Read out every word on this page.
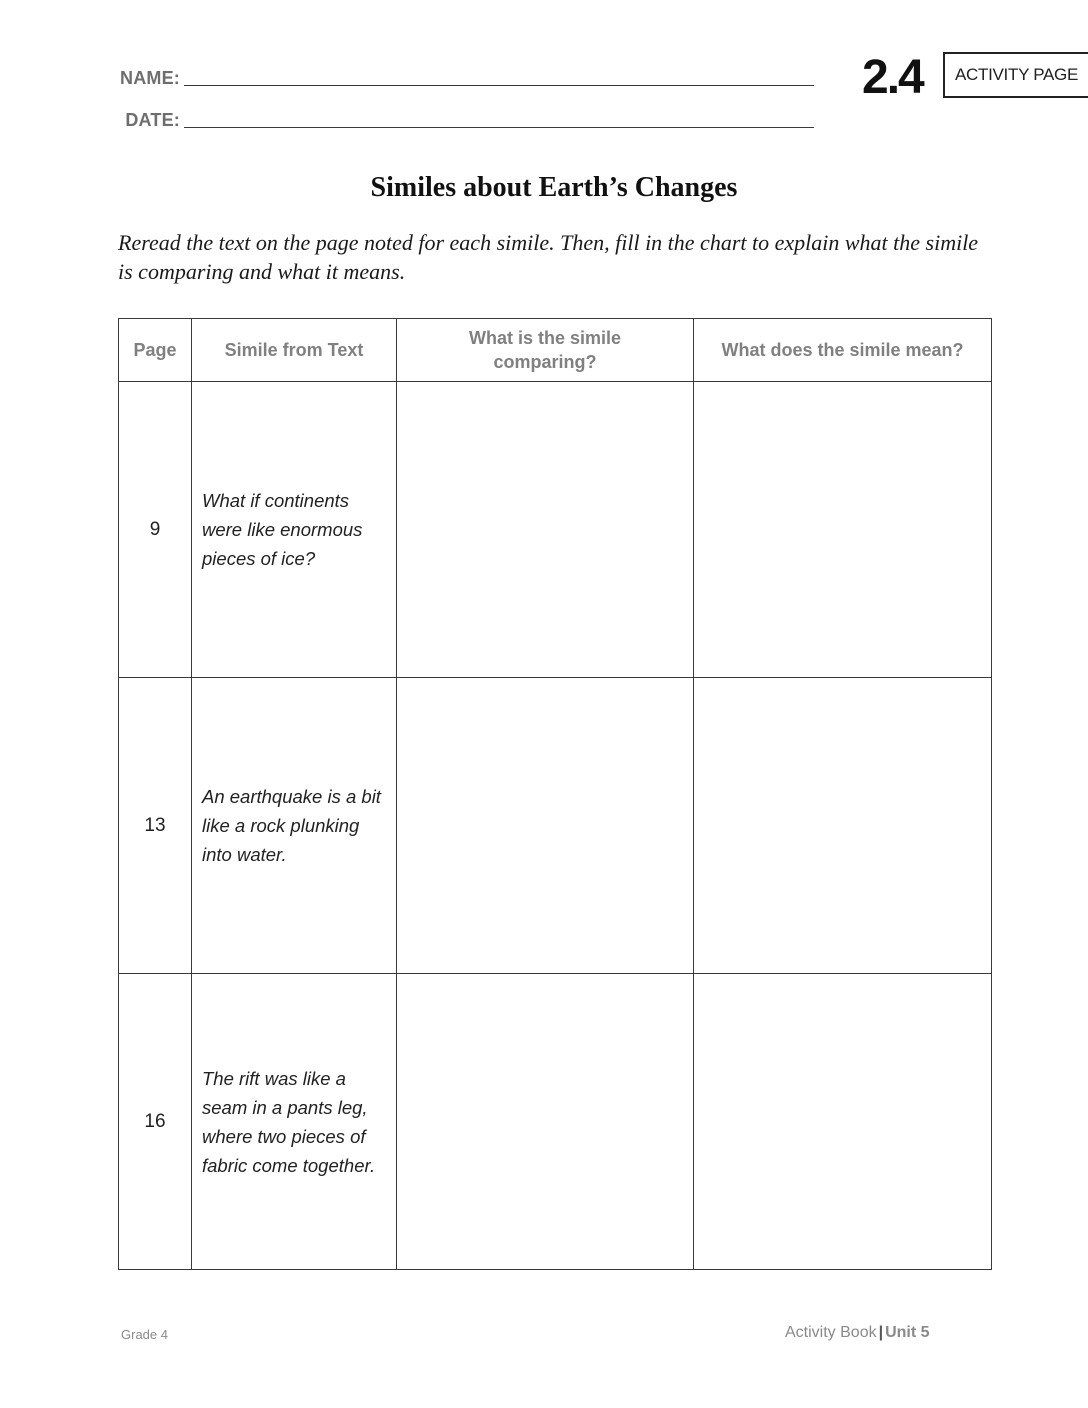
NAME:
DATE:
2.4 ACTIVITY PAGE
Similes about Earth’s Changes
Reread the text on the page noted for each simile. Then, fill in the chart to explain what the simile is comparing and what it means.
Page	Simile from Text	What is the simile comparing?	What does the simile mean?
9	What if continents were like enormous pieces of ice?		
13	An earthquake is a bit like a rock plunking into water.		
16	The rift was like a seam in a pants leg, where two pieces of fabric come together.		
Grade 4	Activity Book | Unit 5
